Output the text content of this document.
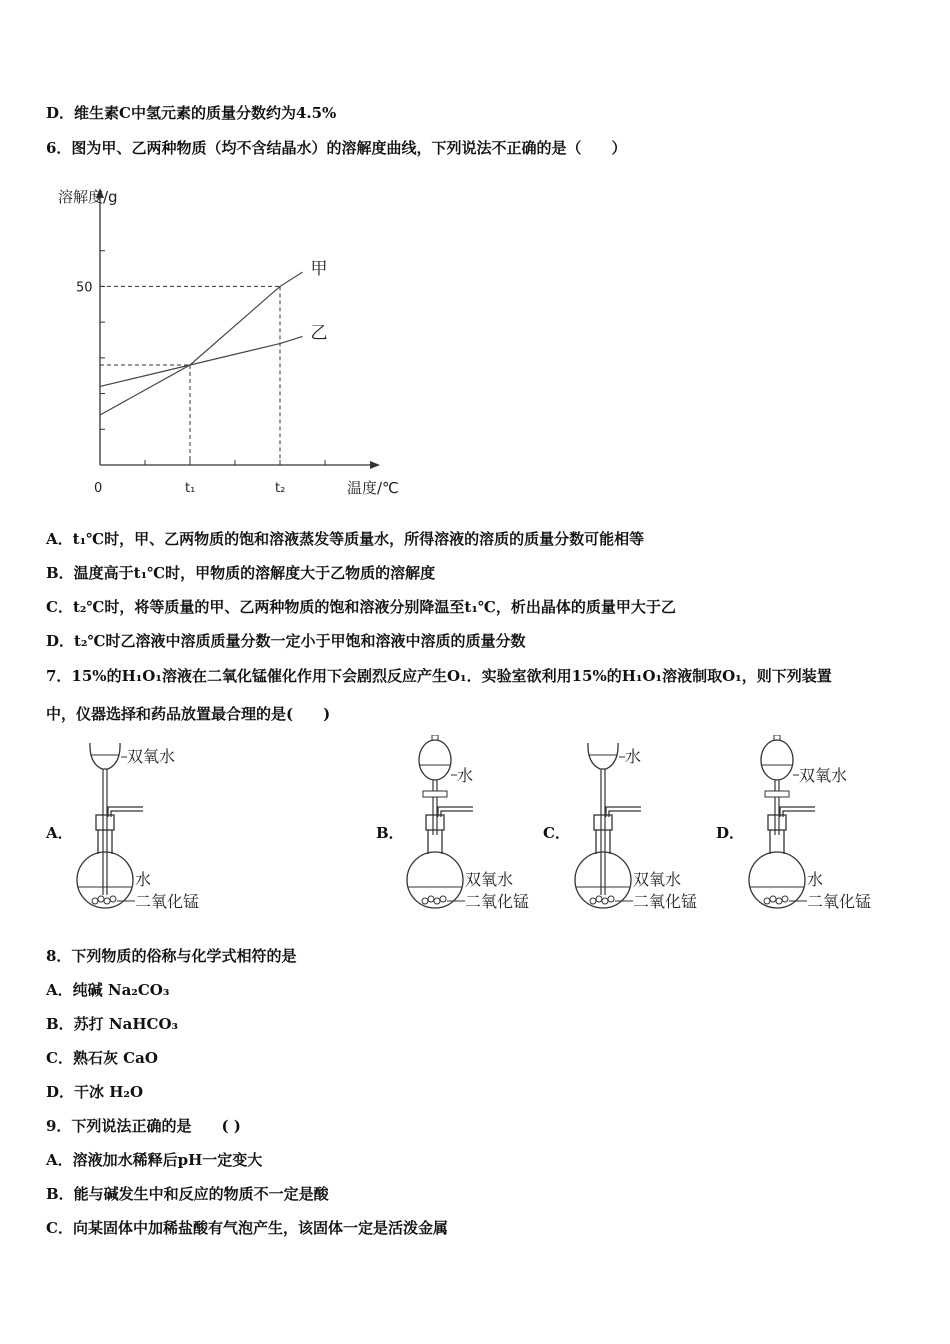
D．维生素C中氢元素的质量分数约为4.5%
6．图为甲、乙两种物质（均不含结晶水）的溶解度曲线，下列说法不正确的是（　　）
溶解度/g
温度/℃
0
50
t₁	t₂
甲
乙
A．t₁℃时，甲、乙两物质的饱和溶液蒸发等质量水，所得溶液的溶质的质量分数可能相等
B．温度高于t₁℃时，甲物质的溶解度大于乙物质的溶解度
C．t₂℃时，将等质量的甲、乙两种物质的饱和溶液分别降温至t₁℃，析出晶体的质量甲大于乙
D．t₂℃时乙溶液中溶质质量分数一定小于甲饱和溶液中溶质的质量分数
7．15%的H₁O₁溶液在二氧化锰催化作用下会剧烈反应产生O₁．实验室欲利用15%的H₁O₁溶液制取O₁，则下列装置
中，仪器选择和药品放置最合理的是(　　)
A．
双氧水
水
二氧化锰
B．
水
双氧水
二氧化锰
C．
水
双氧水
二氧化锰
D．
双氧水
水
二氧化锰
8．下列物质的俗称与化学式相符的是
A．纯碱 Na₂CO₃
B．苏打 NaHCO₃
C．熟石灰 CaO
D．干冰 H₂O
9．下列说法正确的是　　( )
A．溶液加水稀释后pH一定变大
B．能与碱发生中和反应的物质不一定是酸
C．向某固体中加稀盐酸有气泡产生，该固体一定是活泼金属
